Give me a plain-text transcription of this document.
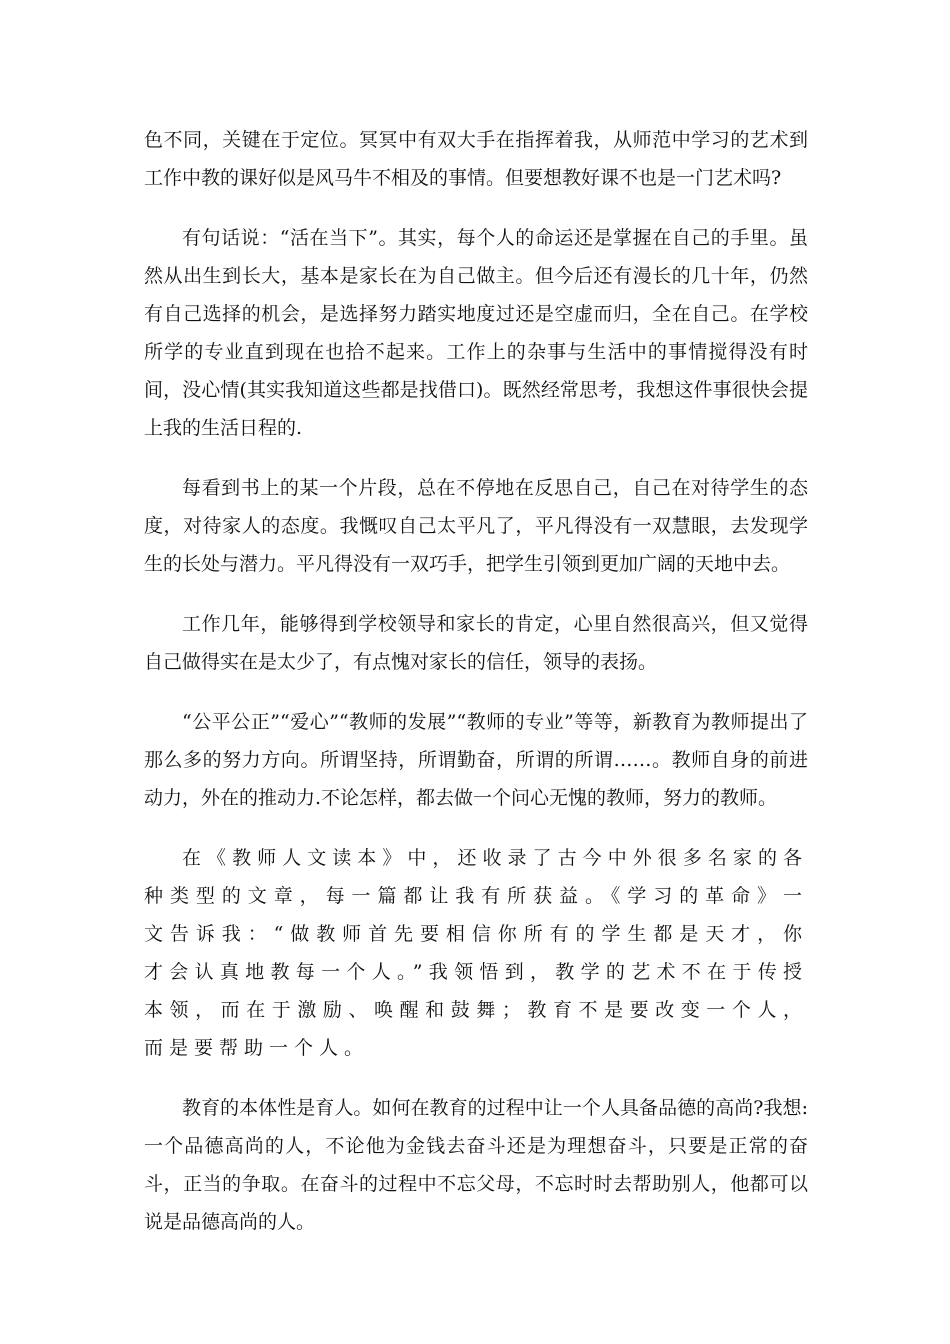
色不同，关键在于定位。冥冥中有双大手在指挥着我，从师范中学习的艺术到工作中教的课好似是风马牛不相及的事情。但要想教好课不也是一门艺术吗?

有句话说：“活在当下”。其实，每个人的命运还是掌握在自己的手里。虽然从出生到长大，基本是家长在为自己做主。但今后还有漫长的几十年，仍然有自己选择的机会，是选择努力踏实地度过还是空虚而归，全在自己。在学校所学的专业直到现在也拾不起来。工作上的杂事与生活中的事情搅得没有时间，没心情(其实我知道这些都是找借口)。既然经常思考，我想这件事很快会提上我的生活日程的.

每看到书上的某一个片段，总在不停地在反思自己，自己在对待学生的态度，对待家人的态度。我慨叹自己太平凡了，平凡得没有一双慧眼，去发现学生的长处与潜力。平凡得没有一双巧手，把学生引领到更加广阔的天地中去。

工作几年，能够得到学校领导和家长的肯定，心里自然很高兴，但又觉得自己做得实在是太少了，有点愧对家长的信任，领导的表扬。

“公平公正”“爱心”“教师的发展”“教师的专业”等等，新教育为教师提出了那么多的努力方向。所谓坚持，所谓勤奋，所谓的所谓……。教师自身的前进动力，外在的推动力.不论怎样，都去做一个问心无愧的教师，努力的教师。

在《教师人文读本》中，还收录了古今中外很多名家的各种类型的文章，每一篇都让我有所获益。《学习的革命》一文告诉我：“做教师首先要相信你所有的学生都是天才，你才会认真地教每一个人。”我领悟到，教学的艺术不在于传授本领，而在于激励、唤醒和鼓舞；教育不是要改变一个人，而是要帮助一个人。

教育的本体性是育人。如何在教育的过程中让一个人具备品德的高尚?我想:一个品德高尚的人，不论他为金钱去奋斗还是为理想奋斗，只要是正常的奋斗，正当的争取。在奋斗的过程中不忘父母，不忘时时去帮助别人，他都可以说是品德高尚的人。
